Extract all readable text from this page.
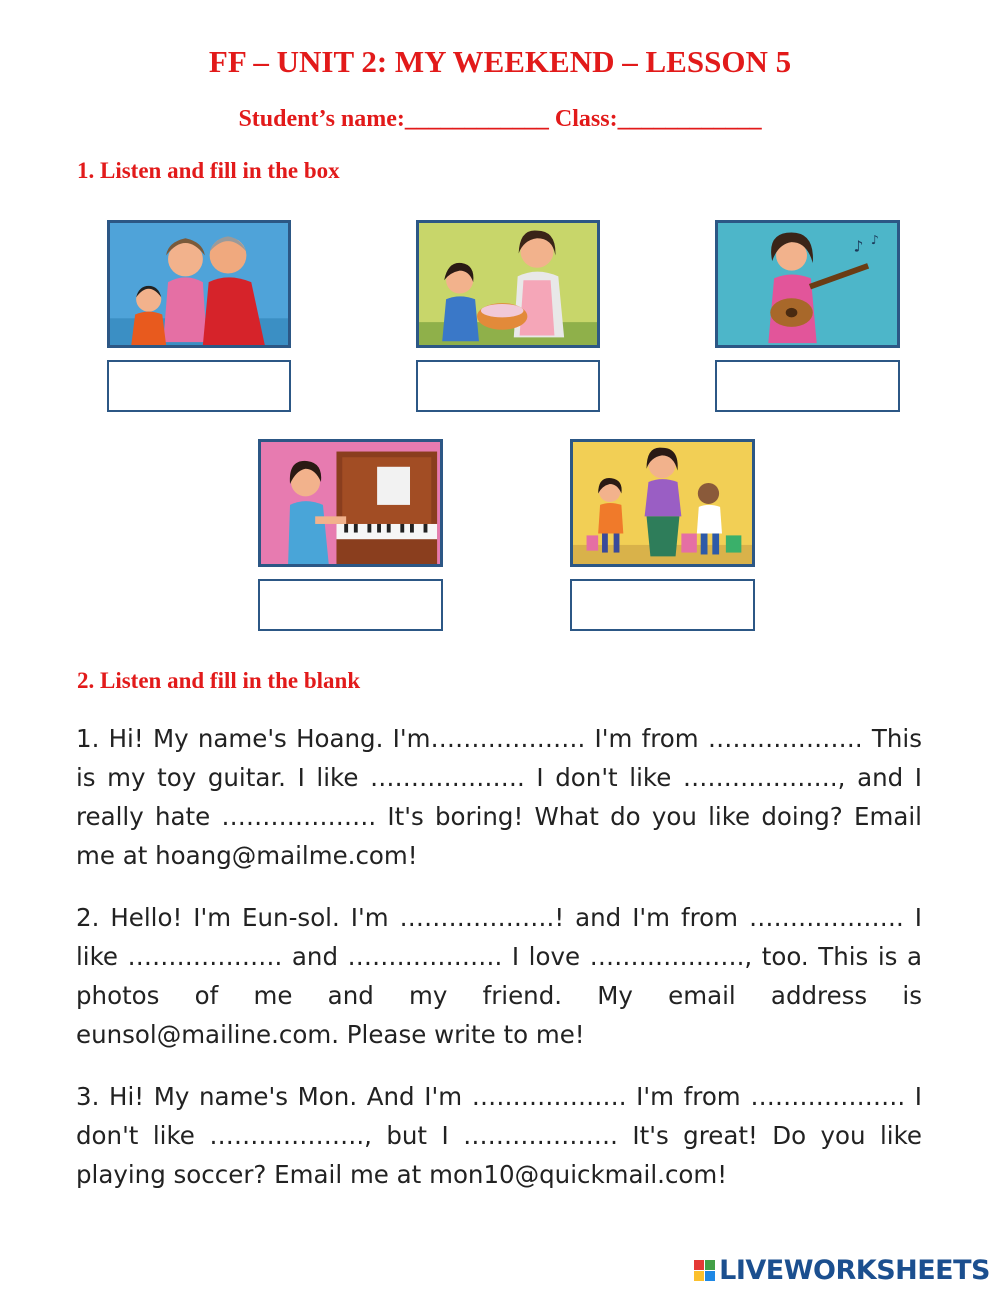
FF – UNIT 2: MY WEEKEND – LESSON 5
Student’s name:____________ Class:____________
1. Listen and fill in the box
♪ ♪
2. Listen and fill in the blank

1. Hi! My name's Hoang. I'm………………. I'm from ………………. This is my toy guitar. I like ………………. I don't like ………………., and I really hate ………………. It's boring! What do you like doing? Email me at hoang@mailme.com!

2. Hello! I'm Eun-sol. I'm ……………….! and I'm from ………………. I like ………………. and ………………. I love ………………., too. This is a photos of me and my friend. My email address is eunsol@mailine.com. Please write to me!

3. Hi! My name's Mon. And I'm ………………. I'm from ………………. I don't like ………………., but I ………………. It's great! Do you like playing soccer? Email me at mon10@quickmail.com!

LIVEWORKSHEETS
